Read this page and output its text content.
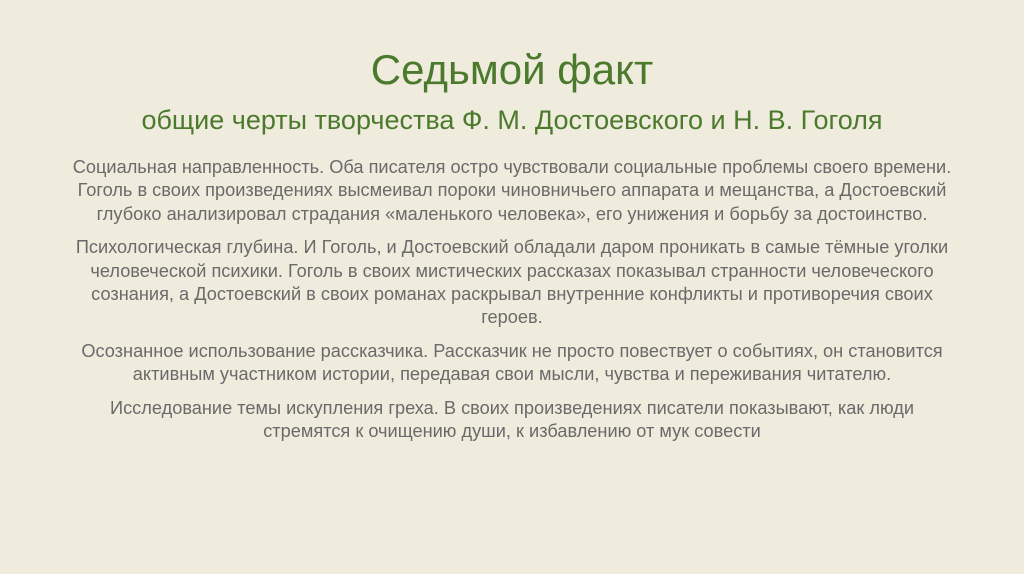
Седьмой факт
общие черты творчества Ф. М. Достоевского и Н. В. Гоголя

Социальная направленность. Оба писателя остро чувствовали социальные проблемы своего времени. Гоголь в своих произведениях высмеивал пороки чиновничьего аппарата и мещанства, а Достоевский глубоко анализировал страдания «маленького человека», его унижения и борьбу за достоинство.

Психологическая глубина. И Гоголь, и Достоевский обладали даром проникать в самые тёмные уголки человеческой психики. Гоголь в своих мистических рассказах показывал странности человеческого сознания, а Достоевский в своих романах раскрывал внутренние конфликты и противоречия своих героев.

Осознанное использование рассказчика. Рассказчик не просто повествует о событиях, он становится активным участником истории, передавая свои мысли, чувства и переживания читателю.

Исследование темы искупления греха. В своих произведениях писатели показывают, как люди стремятся к очищению души, к избавлению от мук совести
